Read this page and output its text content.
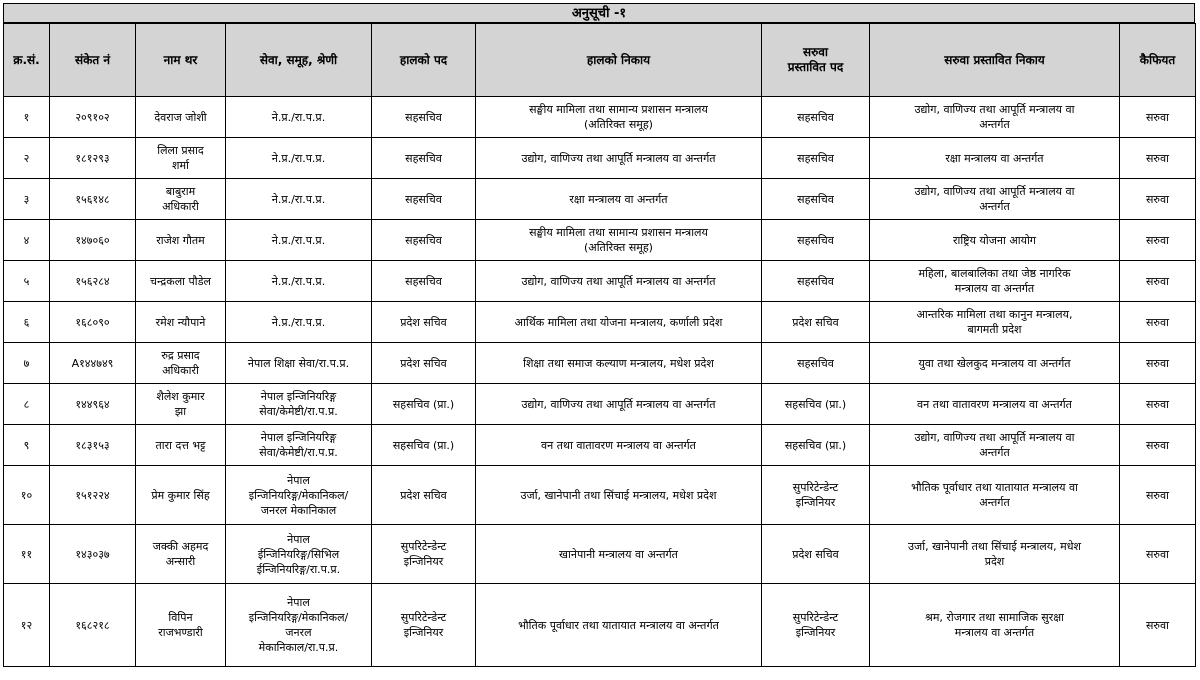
अनुसूची -१
क्र.सं.	संकेत नं	नाम थर	सेवा, समूह, श्रेणी	हालको पद	हालको निकाय	सरुवा
प्रस्तावित पद	सरुवा प्रस्तावित निकाय	कैफियत
१	२०९१०२	देवराज जोशी	ने.प्र./रा.प.प्र.	सहसचिव	सङ्घीय मामिला तथा सामान्य प्रशासन मन्त्रालय
(अतिरिक्त समूह)	सहसचिव	उद्योग, वाणिज्य तथा आपूर्ति मन्त्रालय वा
अन्तर्गत	सरुवा
२	१८१२९३	लिला प्रसाद
शर्मा	ने.प्र./रा.प.प्र.	सहसचिव	उद्योग, वाणिज्य तथा आपूर्ति मन्त्रालय वा अन्तर्गत	सहसचिव	रक्षा मन्त्रालय वा अन्तर्गत	सरुवा
३	१५६१४८	बाबुराम
अधिकारी	ने.प्र./रा.प.प्र.	सहसचिव	रक्षा मन्त्रालय वा अन्तर्गत	सहसचिव	उद्योग, वाणिज्य तथा आपूर्ति मन्त्रालय वा
अन्तर्गत	सरुवा
४	१४७०६०	राजेश गौतम	ने.प्र./रा.प.प्र.	सहसचिव	सङ्घीय मामिला तथा सामान्य प्रशासन मन्त्रालय
(अतिरिक्त समूह)	सहसचिव	राष्ट्रिय योजना आयोग	सरुवा
५	१५६२८४	चन्द्रकला पौडेल	ने.प्र./रा.प.प्र.	सहसचिव	उद्योग, वाणिज्य तथा आपूर्ति मन्त्रालय वा अन्तर्गत	सहसचिव	महिला, बालबालिका तथा जेष्ठ नागरिक
मन्त्रालय वा अन्तर्गत	सरुवा
६	१६८०९०	रमेश न्यौपाने	ने.प्र./रा.प.प्र.	प्रदेश सचिव	आर्थिक मामिला तथा योजना मन्त्रालय, कर्णाली प्रदेश	प्रदेश सचिव	आन्तरिक मामिला तथा कानुन मन्त्रालय,
बागमती प्रदेश	सरुवा
७	A१४४७४९	रुद्र प्रसाद
अधिकारी	नेपाल शिक्षा सेवा/रा.प.प्र.	प्रदेश सचिव	शिक्षा तथा समाज कल्याण मन्त्रालय, मधेश प्रदेश	सहसचिव	युवा तथा खेलकुद मन्त्रालय वा अन्तर्गत	सरुवा
८	१४४९६४	शैलेश कुमार
झा	नेपाल इन्जिनियरिङ्ग
सेवा/केमेष्टी/रा.प.प्र.	सहसचिव (प्रा.)	उद्योग, वाणिज्य तथा आपूर्ति मन्त्रालय वा अन्तर्गत	सहसचिव (प्रा.)	वन तथा वातावरण मन्त्रालय वा अन्तर्गत	सरुवा
९	१८३१५३	तारा दत्त भट्ट	नेपाल इन्जिनियरिङ्ग
सेवा/केमेष्टी/रा.प.प्र.	सहसचिव (प्रा.)	वन तथा वातावरण मन्त्रालय वा अन्तर्गत	सहसचिव (प्रा.)	उद्योग, वाणिज्य तथा आपूर्ति मन्त्रालय वा
अन्तर्गत	सरुवा
१०	१५१२२४	प्रेम कुमार सिंह	नेपाल
इन्जिनियरिङ्ग/मेकानिकल/
जनरल मेकानिकाल	प्रदेश सचिव	उर्जा, खानेपानी तथा सिंचाई मन्त्रालय, मधेश प्रदेश	सुपरिटेन्डेन्ट
इन्जिनियर	भौतिक पूर्वाधार तथा यातायात मन्त्रालय वा
अन्तर्गत	सरुवा
११	१४३०३७	जक्की अहमद
अन्सारी	नेपाल
ईन्जिनियरिङ्ग/सिभिल
ईन्जिनियरिङ्ग/रा.प.प्र.	सुपरिटेन्डेन्ट
इन्जिनियर	खानेपानी मन्त्रालय वा अन्तर्गत	प्रदेश सचिव	उर्जा, खानेपानी तथा सिंचाई मन्त्रालय, मधेश
प्रदेश	सरुवा
१२	१६८२१८	विपिन
राजभण्डारी	नेपाल
इन्जिनियरिङ्ग/मेकानिकल/
जनरल
मेकानिकाल/रा.प.प्र.	सुपरिटेन्डेन्ट
इन्जिनियर	भौतिक पूर्वाधार तथा यातायात मन्त्रालय वा अन्तर्गत	सुपरिटेन्डेन्ट
इन्जिनियर	श्रम, रोजगार तथा सामाजिक सुरक्षा
मन्त्रालय वा अन्तर्गत	सरुवा
